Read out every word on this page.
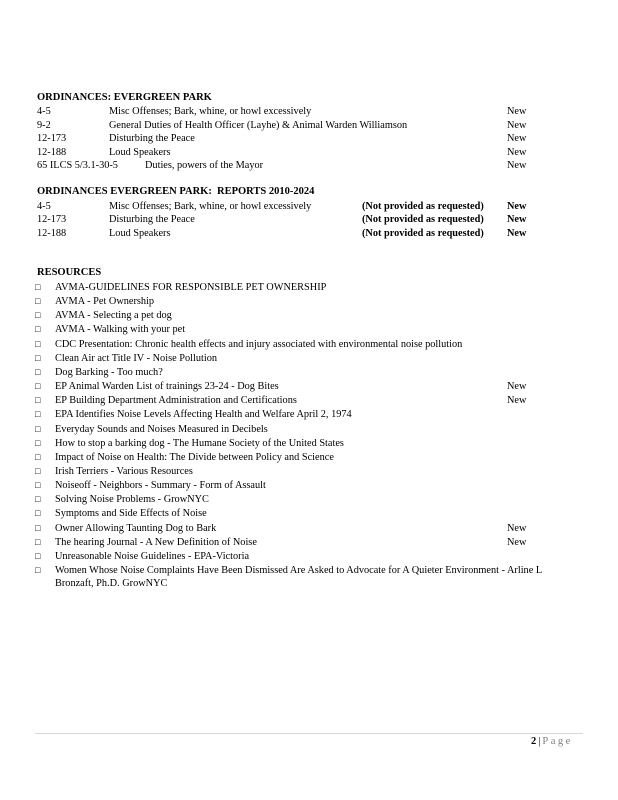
ORDINANCES: EVERGREEN PARK
4-5	Misc Offenses; Bark, whine, or howl excessively	New
9-2	General Duties of Health Officer (Layhe) & Animal Warden Williamson	New
12-173	Disturbing the Peace	New
12-188	Loud Speakers	New
65 ILCS 5/3.1-30-5	Duties, powers of the Mayor	New
ORDINANCES EVERGREEN PARK: REPORTS 2010-2024
4-5	Misc Offenses; Bark, whine, or howl excessively	(Not provided as requested) New
12-173	Disturbing the Peace	(Not provided as requested) New
12-188	Loud Speakers	(Not provided as requested) New
RESOURCES
□ AVMA-GUIDELINES FOR RESPONSIBLE PET OWNERSHIP
□ AVMA - Pet Ownership
□ AVMA - Selecting a pet dog
□ AVMA - Walking with your pet
□ CDC Presentation: Chronic health effects and injury associated with environmental noise pollution
□ Clean Air act Title IV - Noise Pollution
□ Dog Barking - Too much?
□ EP Animal Warden List of trainings 23-24 - Dog Bites	New
□ EP Building Department Administration and Certifications	New
□ EPA Identifies Noise Levels Affecting Health and Welfare April 2, 1974
□ Everyday Sounds and Noises Measured in Decibels
□ How to stop a barking dog - The Humane Society of the United States
□ Impact of Noise on Health: The Divide between Policy and Science
□ Irish Terriers - Various Resources
□ Noiseoff - Neighbors - Summary - Form of Assault
□ Solving Noise Problems - GrowNYC
□ Symptoms and Side Effects of Noise
□ Owner Allowing Taunting Dog to Bark	New
□ The hearing Journal - A New Definition of Noise	New
□ Unreasonable Noise Guidelines - EPA-Victoria
□ Women Whose Noise Complaints Have Been Dismissed Are Asked to Advocate for A Quieter Environment - Arline L
Bronzaft, Ph.D. GrowNYC
2 | Page
